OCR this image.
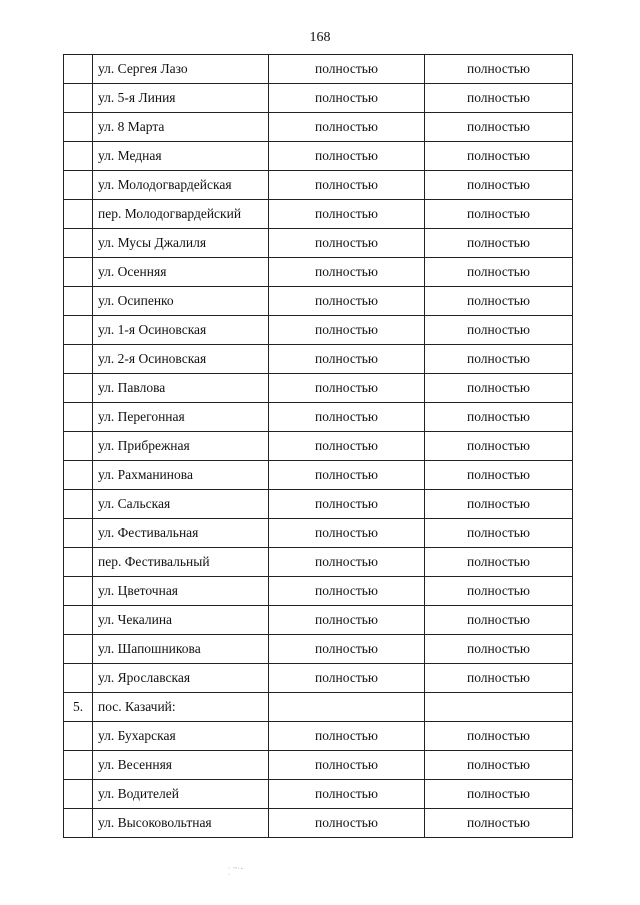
168
	ул. Сергея Лазо	полностью	полностью
	ул. 5-я Линия	полностью	полностью
	ул. 8 Марта	полностью	полностью
	ул. Медная	полностью	полностью
	ул. Молодогвардейская	полностью	полностью
	пер. Молодогвардейский	полностью	полностью
	ул. Мусы Джалиля	полностью	полностью
	ул. Осенняя	полностью	полностью
	ул. Осипенко	полностью	полностью
	ул. 1-я Осиновская	полностью	полностью
	ул. 2-я Осиновская	полностью	полностью
	ул. Павлова	полностью	полностью
	ул. Перегонная	полностью	полностью
	ул. Прибрежная	полностью	полностью
	ул. Рахманинова	полностью	полностью
	ул. Сальская	полностью	полностью
	ул. Фестивальная	полностью	полностью
	пер. Фестивальный	полностью	полностью
	ул. Цветочная	полностью	полностью
	ул. Чекалина	полностью	полностью
	ул. Шапошникова	полностью	полностью
	ул. Ярославская	полностью	полностью
5.	пос. Казачий:		
	ул. Бухарская	полностью	полностью
	ул. Весенняя	полностью	полностью
	ул. Водителей	полностью	полностью
	ул. Высоковольтная	полностью	полностью
· ~·- ·
